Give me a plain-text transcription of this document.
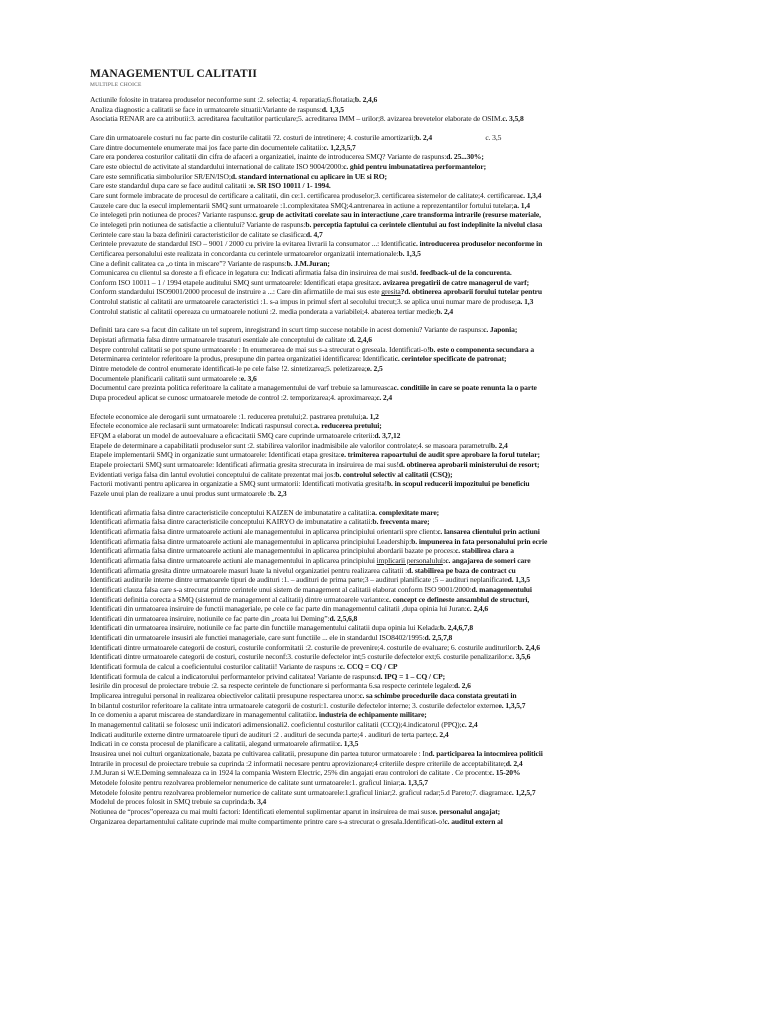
MANAGEMENTUL CALITATII
MULTIPLE CHOICE
Actiunile folosite in tratarea produselor neconforme sunt :2. selectia; 4. reparatia;6.flotatia;b. 2,4,6
Analiza diagnostic a calitatii se face in urmatoarele situatii:Variante de raspuns:d. 1,3,5
Asociatia RENAR are ca atributii:3. acreditarea facultatilor particulare;5. acreditarea IMM – urilor;8. avizarea brevetelor elaborate de OSIM.c. 3,5,8
Care din urmatoarele costuri nu fac parte din costurile calitatii ?2. costuri de intretinere; 4. costurile amortizarii;b. 2,4                              c. 3,5
Care dintre documentele enumerate mai jos face parte din documentele calitatii:c. 1,2,3,5,7
Care era ponderea costurilor calitatii din cifra de afaceri a organizatiei, inainte de introducerea SMQ? Variante de raspuns:d. 25...30%;
Care este obiectul de activitate al standardului international de calitate ISO 9004/2000:c. ghid pentru imbunatatirea performantelor;
Care este semnificatia simbolurilor SR/EN/ISO;d. standard international cu aplicare in UE si RO;
Care este standardul dupa care se face auditul calitatii :e. SR ISO 10011 / 1- 1994.
Care sunt formele imbracate de procesul de certificare a calitatii, din ce:1. certificarea produselor;3. certificarea sistemelor de calitate;4. certificareac. 1,3,4
Cauzele care duc la esecul implementarii SMQ sunt urmatoarele :1.complexitatea SMQ;4.antrenarea in actiune a reprezentantilor fortului tutelar;a. 1,4
Ce intelegeti prin notiunea de proces? Variante raspuns:c. grup de activitati corelate sau in interactiune ,care transforma intrarile (resurse materiale,
Ce intelegeti prin notiunea de satisfactie a clientului? Variante de raspuns:b. perceptia faptului ca cerintele clientului au fost indeplinite la nivelul clasa
Cerintele care stau la baza definirii caracteristicilor de calitate se clasifica:d. 4,7
Cerintele prevazute de standardul ISO – 9001 / 2000 cu privire la evitarea livrarii la consumator ...: Identificatic. introducerea produselor neconforme in
Certificarea personalului este realizata in concordanta cu cerintele urmatoarelor organizatii internationale:b. 1,3,5
Cine a definit calitatea ca „o tinta in miscare”? Variante de raspuns:b. J.M.Juran;
Comunicarea cu clientul sa doreste a fi eficace in legatura cu: Indicati afirmatia falsa din insiruirea de mai sus!d. feedback-ul de la concurenta.
Conform ISO 10011 – 1 / 1994 etapele auditului SMQ sunt urmatoarele: Identificati etapa gresita:c. avizarea pregatirii de catre managerul de varf;
Conform standardului ISO9001/2000 procesul de instruire a ...: Care din afirmatiile de mai sus este gresita?d. obtinerea aprobarii forului tutelar pentru
Controlul statistic al calitatii are urmatoarele caracteristici :1. s-a impus in primul sfert al secolului trecut;3. se aplica unui numar mare de produse;a. 1,3
Controlul statistic al calitatii opereaza cu urmatoarele notiuni :2. media ponderata a variabilei;4. abaterea tertiar medie;b. 2,4
Definiti tara care s-a facut din calitate un tel suprem, inregistrand in scurt timp succese notabile in acest domeniu? Variante de raspuns:c. Japonia;
Depistati afirmatia falsa dintre urmatoarele trasaturi esentiale ale conceptului de calitate :d. 2,4,6
Despre controlul calitatii se pot spune urmatoarele : In enumerarea de mai sus s-a strecurat o greseala. Identificati-o!b. este o componenta secundara a
Determinarea cerintelor referitoare la produs, presupune din partea organizatiei identificarea: Identificatic. cerintelor specificate de patronat;
Dintre metodele de control enumerate identificati-le pe cele false !2. sintetizarea;5. peletizarea;e. 2,5
Documentele planificarii calitatii sunt urmatoarele :e. 3,6
Documentul care prezinta politica referitoare la calitate a managementului de varf trebuie sa lamureascac. conditiile in care se poate renunta la o parte
Dupa procedeul aplicat se cunosc urmatoarele metode de control :2. temporizarea;4. aproximarea;c. 2,4
Efectele economice ale derogarii sunt urmatoarele :1. reducerea pretului;2. pastrarea pretului;a. 1,2
Efectele economice ale reclasarii sunt urmatoarele: Indicati raspunsul corect.a. reducerea pretului;
EFQM a elaborat un model de autoevaluare a eficacitatii SMQ care cuprinde urmatoarele criterii:d. 3,7,12
Etapele de determinare a capabilitatii produselor sunt :2. stabilirea valorilor inadmisibile ale valorilor controlate;4. se masoara parametrulb. 2,4
Etapele implementarii SMQ in organizatie sunt urmatoarele: Identificati etapa gresita:e. trimiterea rapoartului de audit spre aprobare la forul tutelar;
Etapele proiectarii SMQ sunt urmatoarele: Identificati afirmatia gresita strecurata in insiruirea de mai sus!d. obtinerea aprobarii ministerului de resort;
Evidentiati veriga falsa din lantul evolutiei conceptului de calitate prezentat mai jos:b. controlul selectiv al calitatii (CSQ);
Factorii motivanti pentru aplicarea in organizatie a SMQ sunt urmatorii: Identificati motivatia gresita!b. in scopul reducerii impozitului pe beneficiu
Fazele unui plan de realizare a unui produs sunt urmatoarele :b. 2,3
Identificati afirmatia falsa dintre caracteristicile conceptului KAIZEN de imbunatatire a calitatii:a. complexitate mare;
Identificati afirmatia falsa dintre caracteristicile conceptului KAIRYO de imbunatatire a calitatii:b. frecventa mare;
Identificati afirmatia falsa dintre urmatoarele actiuni ale managementului in aplicarea principiului orientarii spre client:c. lansarea clientului prin actiuni
Identificati afirmatia falsa dintre urmatoarele actiuni ale managementului in aplicarea principiului Leadership:b. impunerea in fata personalului prin ecrie
Identificati afirmatia falsa dintre urmatoarele actiuni ale managementului in aplicarea principiului abordarii bazate pe proces:c. stabilirea clara a
Identificati afirmatia falsa dintre urmatoarele actiuni ale managementului in aplicarea principiului implicarii personalului:c. angajarea de someri care
Identificati afirmatia gresita dintre urmatoarele masuri luate la nivelul organizatiei pentru realizarea calitatii :d. stabilirea pe baza de contract cu
Identificati auditurile interne dintre urmatoarele tipuri de audituri :1. – audituri de prima parte;3 – audituri planificate ;5 – audituri neplanificated. 1,3,5
Identificati clauza falsa care s-a strecurat printre cerintele unui sistem de management al calitatii elaborat conform ISO 9001/2000:d. managementului
Identificati definitia corecta a SMQ (sistemul de management al calitatii) dintre urmatoarele variante:c. concept ce defineste ansamblul de structuri,
Identificati din urmatoarea insiruire de functii manageriale, pe cele ce fac parte din managementul calitatii ,dupa opinia lui Juran:c. 2,4,6
Identificati din urmatoarea insiruire, notiunile ce fac parte din „roata lui Deming”:d. 2,5,6,8
Identificati din urmatoarea insiruire, notiunile ce fac parte din functiile managementului calitatii dupa opinia lui Kelada:b. 2,4,6,7,8
Identificati din urmatoarele insusiri ale functiei manageriale, care sunt functiile ... ele in standardul ISO8402/1995:d. 2,5,7,8
Identificati dintre urmatoarele categorii de costuri, costurile conformitatii :2. costurile de prevenire;4. costurile de evaluare; 6. costurile auditurilor:b. 2,4,6
Identificati dintre urmatoarele categorii de costuri, costurile neconf:3. costurile defectelor int;5 costurile defectelor ext;6. costurile penalizarilor:c. 3,5,6
Identificati formula de calcul a coeficientului costurilor calitatii! Variante de raspuns :c. CCQ = CQ / CP
Identificati formula de calcul a indicatorului performantelor privind calitatea! Variante de raspuns:d. IPQ = 1 – CQ / CP;
Iesirile din procesul de proiectare trebuie :2. sa respecte cerintele de functionare si performanta 6.sa respecte cerintele legale:d. 2,6
Implicarea intregului personal in realizarea obiectivelor calitatii presupune respectarea unor:c. sa schimbe procedurile daca constata greutati in
In bilantul costurilor referitoare la calitate intra urmatoarele categorii de costuri:1. costurile defectelor interne; 3. costurile defectelor externee. 1,3,5,7
In ce domeniu a aparut miscarea de standardizare in managementul calitatii:c. industria de echipamente militare;
In managementul calitatii se folosesc unii indicatori adimensionali2. coeficientul costurilor calitatii (CCQ);4.indicatorul (PPQ);c. 2,4
Indicati auditurile externe dintre urmatoarele tipuri de audituri :2 . audituri de secunda parte;4 . audituri de terta parte;c. 2,4
Indicati in ce consta procesul de planificare a calitatii, alegand urmatoarele afirmatii:c. 1,3,5
Insusirea unei noi culturi organizationale, bazata pe cultivarea calitatii, presupune din partea tuturor urmatoarele : Ind. participarea la intocmirea politicii
Intrarile in procesul de proiectare trebuie sa cuprinda :2 informatii necesare pentru aprovizionare;4 criteriile despre criteriile de acceptabilitate;d. 2,4
J.M.Juran si W.E.Deming semnaleaza ca in 1924 la compania Western Electric, 25% din angajati erau controlori de calitate . Ce procent:c. 15-20%
Metodele folosite pentru rezolvarea problemelor nenumerice de calitate sunt urmatoarele:1. graficul liniar;a. 1,3,5,7
Metodele folosite pentru rezolvarea problemelor numerice de calitate sunt urmatoarele:1.graficul liniar;2. graficul radar;5.d Pareto;7. diagrama:c. 1,2,5,7
Modelul de proces folosit in SMQ trebuie sa cuprinda:b. 3,4
Notiunea de “proces”opereaza cu mai multi factori: Identificati elementul suplimentar aparut in insiruirea de mai sus:e. personalul angajat;
Organizarea departamentului calitate cuprinde mai multe compartimente printre care s-a strecurat o gresala.Identificati-o!c. auditul extern al
